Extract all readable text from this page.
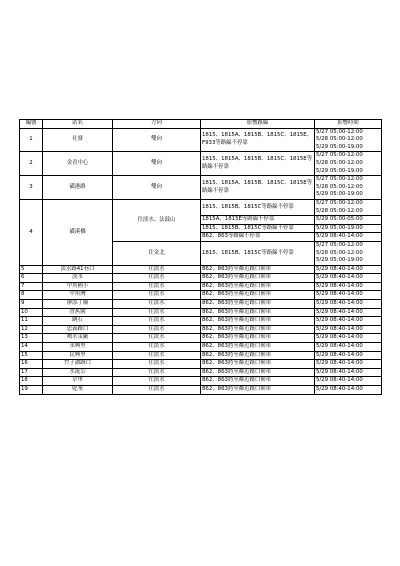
編號	站名	方向	影響路線	影響時間
1	社寮	雙向	1815、1815A、1815B、1815C、1815E、F933等路線不停靠	5/27 05:00-12:00
5/28 05:00-12:00
5/29 05:00-19:00

2	金青中心	雙向	1815、1815A、1815B、1815C、1815E等路線不停靠	5/27 05:00-12:00
5/28 05:00-12:00
5/29 05:00-19:00

3	磺港路	雙向	1815、1815A、1815B、1815C、1815E等路線不停靠	5/27 05:00-12:00
5/28 05:00-12:00
5/29 05:00-19:00

4	磺溪橋	往淡水、法鼓山	1815、1815B、1815C等路線不停靠	5/27 05:00-12:00
5/28 05:00-12:00

			1815A、1815E等路線不停靠	5/29 05:00-05:00
			1815、1815B、1815C等路線不停靠	5/29 05:00-19:00
			862、863等路線不停靠	5/29 08:40-14:00
		往金北	1815、1815B、1815C等路線不停靠	5/27 05:00-12:00
5/28 05:00-12:00
5/29 05:00-19:00

5	淡水路41巷口	往淡水	862、863將至鄰近路口候車	5/29 08:40-14:00
6	淡水	往淡水	862、863將至鄰近路口候車	5/29 08:40-14:00
7	中角國小	往淡水	862、863將至鄰近路口候車	5/29 08:40-14:00
8	中角灣	往淡水	862、863將至鄰近路口候車	5/29 08:40-14:00
9	廖添丁廟	往淡水	862、863將至鄰近路口候車	5/29 08:40-14:00
10	香蕉園	往淡水	862、863將至鄰近路口候車	5/29 08:40-14:00
11	跳石	往淡水	862、863將至鄰近路口候車	5/29 08:40-14:00
12	忠義路口	往淡水	862、863將至鄰近路口候車	5/29 08:40-14:00
13	噴水汞廠	往淡水	862、863將至鄰近路口候車	5/29 08:40-14:00
14	永興里	往淡水	862、863將至鄰近路口候車	5/29 08:40-14:00
15	民興里	往淡水	862、863將至鄰近路口候車	5/29 08:40-14:00
16	竹子湖路口	往淡水	862、863將至鄰近路口候車	5/29 08:40-14:00
17	水流公	往淡水	862、863將至鄰近路口候車	5/29 08:40-14:00
18	草里	往淡水	862、863將至鄰近路口候車	5/29 08:40-14:00
19	乾華	往淡水	862、863將至鄰近路口候車	5/29 08:40-14:00
